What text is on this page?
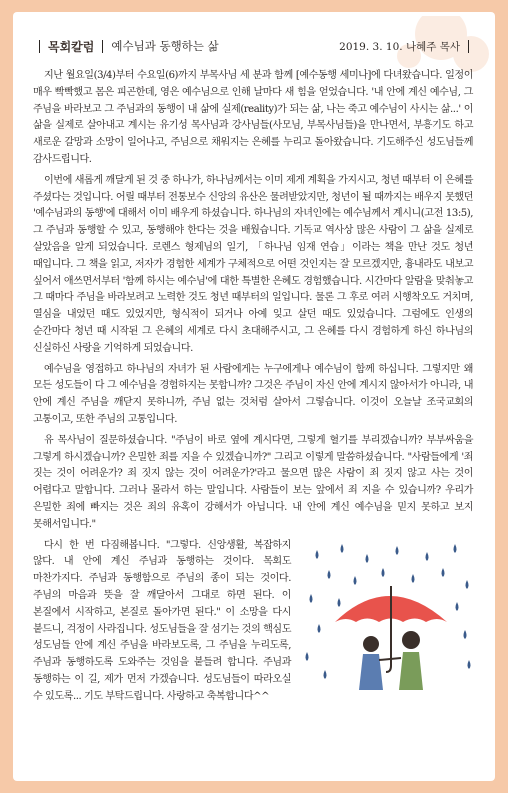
목회칼럼 예수님과 동행하는 삶	2019. 3. 10. 나혜주 목사

지난 월요일(3/4)부터 수요일(6)까지 부목사님 세 분과 함께 [예수동행 세미나]에 다녀왔습니다. 일정이 매우 빡빡했고 몸은 피곤한데, 영은 예수님으로 인해 날마다 새 힘을 얻었습니다. '내 안에 계신 예수님, 그 주님을 바라보고 그 주님과의 동행이 내 삶에 실제(reality)가 되는 삶, 나는 죽고 예수님이 사시는 삶...' 이 삶을 실제로 살아내고 계시는 유기성 목사님과 강사님들(사모님, 부목사님들)을 만나면서, 부흥기도 하고 새로운 갈망과 소망이 일어나고, 주님으로 채워지는 은혜를 누리고 돌아왔습니다. 기도해주신 성도님들께 감사드립니다.

이번에 새롭게 깨달게 된 것 중 하나가, 하나님께서는 이미 제게 계획을 가지시고, 청년 때부터 이 은혜를 주셨다는 것입니다. 어릴 때부터 전통보수 신앙의 유산은 물려받았지만, 청년이 될 때까지는 배우지 못했던 '예수님과의 동행'에 대해서 이미 배우게 하셨습니다. 하나님의 자녀인에는 예수님께서 계시니(고전 13:5), 그 주님과 동행할 수 있고, 동행해야 한다는 것을 배웠습니다. 기독교 역사상 많은 사람이 그 삶을 실제로 살았음을 알게 되었습니다. 로렌스 형제님의 일기, 「하나님 임재 연습」이라는 책을 만난 것도 청년 때입니다. 그 책을 읽고, 저자가 경험한 세계가 구체적으로 어떤 것인지는 잘 모르겠지만, 흉내라도 내보고 싶어서 애쓰면서부터 '함께 하시는 예수님'에 대한 특별한 은혜도 경험했습니다. 시간마다 알람을 맞춰놓고 그 때마다 주님을 바라보려고 노력한 것도 청년 때부터의 일입니다. 물론 그 후로 여러 시행착오도 거치며, 열심을 내었던 때도 있었지만, 형식적이 되거나 아예 잊고 살던 때도 있었습니다. 그럼에도 인생의 순간마다 청년 때 시작된 그 은혜의 세계로 다시 초대해주시고, 그 은혜를 다시 경험하게 하신 하나님의 신실하신 사랑을 기억하게 되었습니다.

예수님을 영접하고 하나님의 자녀가 된 사람에게는 누구에게나 예수님이 함께 하십니다. 그렇지만 왜 모든 성도들이 다 그 예수님을 경험하지는 못합니까? 그것은 주님이 자신 안에 계시지 않아서가 아니라, 내 안에 계신 주님을 깨닫지 못하니까, 주님 없는 것처럼 살아서 그렇습니다. 이것이 오늘날 조국교회의 고통이고, 또한 주님의 고통입니다.

유 목사님이 질문하셨습니다. "주님이 바로 옆에 계시다면, 그렇게 혈기를 부리겠습니까? 부부싸움을 그렇게 하시겠습니까? 은밀한 죄를 지을 수 있겠습니까?" 그리고 이렇게 말씀하셨습니다. "사람들에게 '죄 짓는 것이 어려운가? 죄 짓지 않는 것이 어려운가?'라고 물으면 많은 사람이 죄 짓지 않고 사는 것이 어렵다고 말합니다. 그러나 몰라서 하는 말입니다. 사람들이 보는 앞에서 죄 지을 수 있습니까? 우리가 은밀한 죄에 빠지는 것은 죄의 유혹이 강해서가 아닙니다. 내 안에 계신 예수님을 믿지 못하고 보지 못해서입니다."

다시 한 번 다짐해봅니다. "그렇다. 신앙생활, 복잡하지 않다. 내 안에 계신 주님과 동행하는 것이다. 목회도 마찬가지다. 주님과 동행함으로 주님의 종이 되는 것이다. 주님의 마음과 뜻을 잘 깨달아서 그대로 하면 된다. 이 본질에서 시작하고, 본질로 돌아가면 된다." 이 소망을 다시 붙드니, 걱정이 사라집니다. 성도님들을 잘 섬기는 것의 핵심도 성도님들 안에 계신 주님을 바라보도록, 그 주님을 누리도록, 주님과 동행하도록 도와주는 것임을 붙들려 합니다. 주님과 동행하는 이 길, 제가 먼저 가겠습니다. 성도님들이 따라오실 수 있도록... 기도 부탁드립니다. 사랑하고 축복합니다^^
